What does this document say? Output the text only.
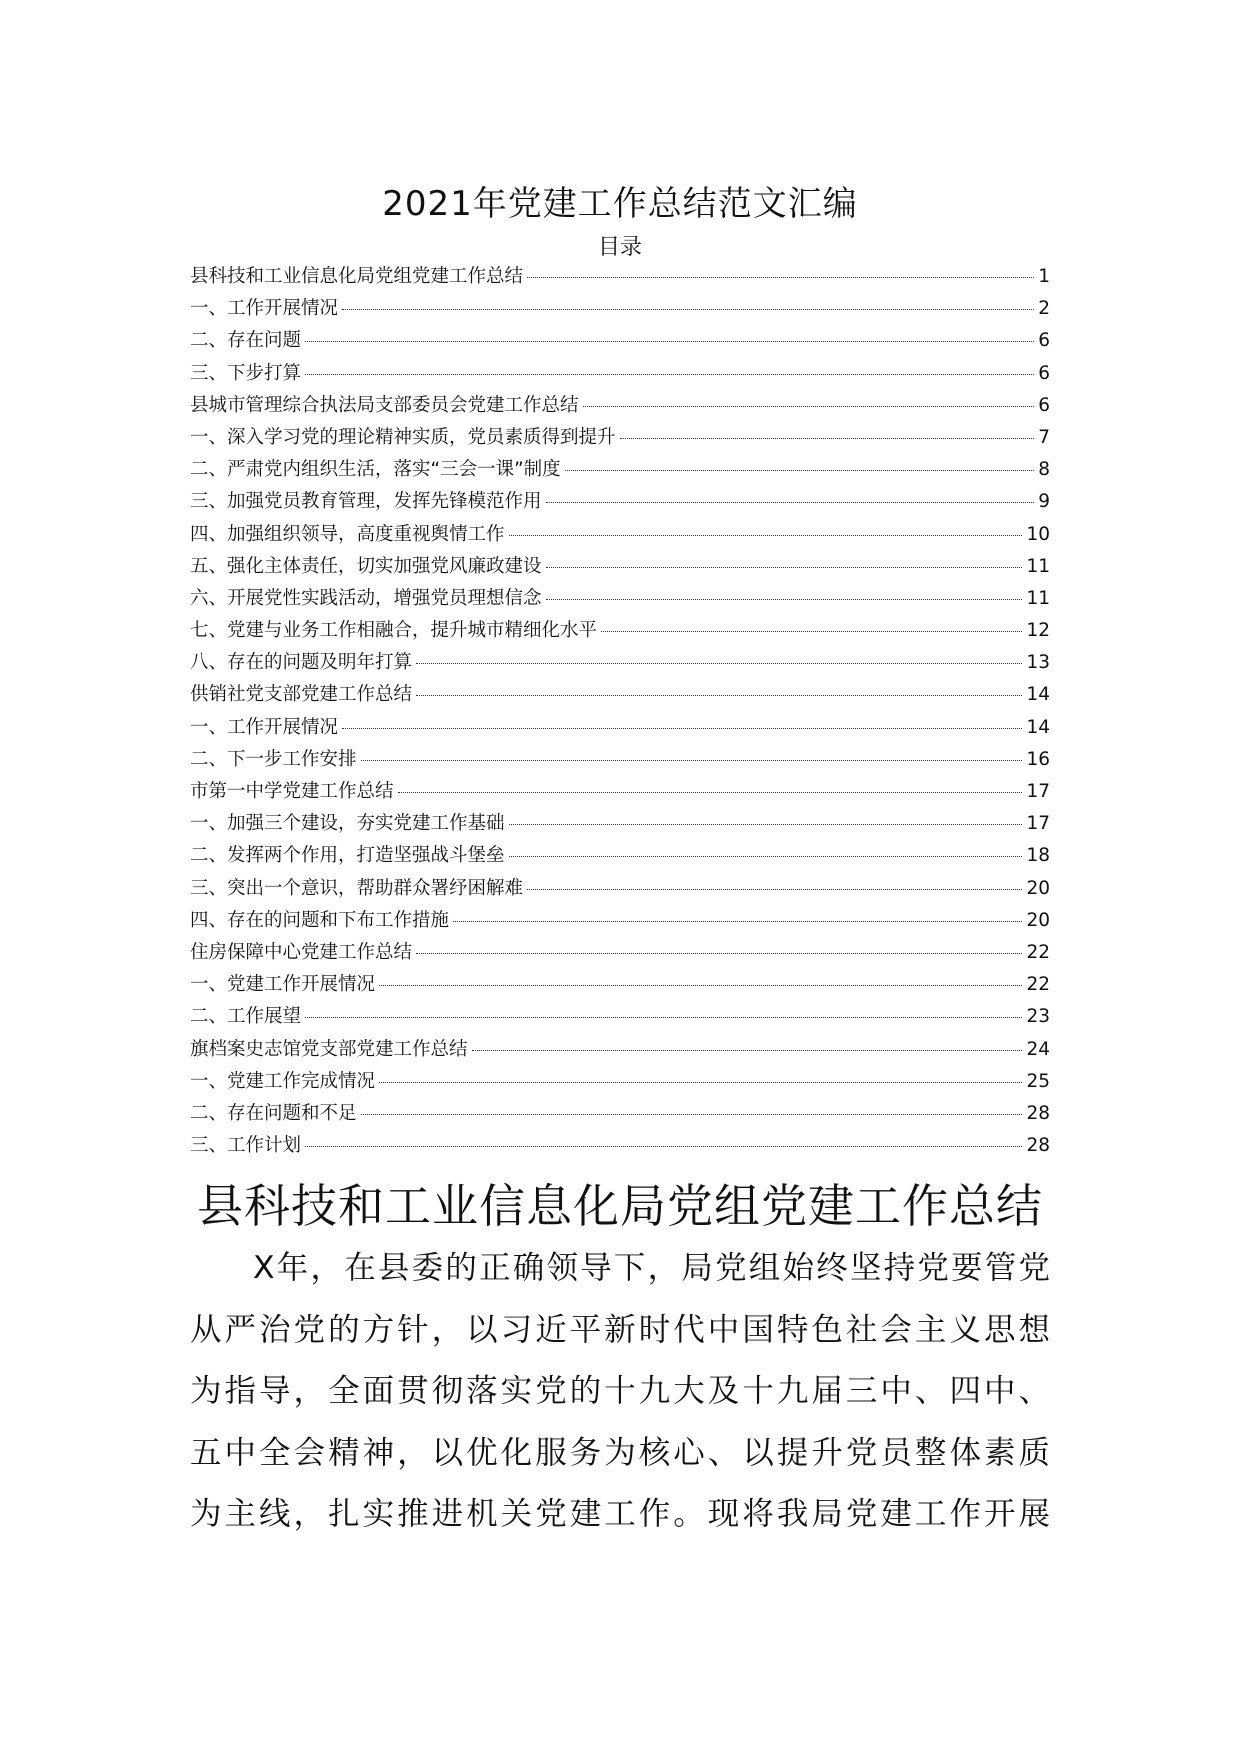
2021年党建工作总结范文汇编
目录
县科技和工业信息化局党组党建工作总结	1
一、工作开展情况	2
二、存在问题	6
三、下步打算	6
县城市管理综合执法局支部委员会党建工作总结	6
一、深入学习党的理论精神实质，党员素质得到提升	7
二、严肃党内组织生活，落实“三会一课”制度	8
三、加强党员教育管理，发挥先锋模范作用	9
四、加强组织领导，高度重视舆情工作	10
五、强化主体责任，切实加强党风廉政建设	11
六、开展党性实践活动，增强党员理想信念	11
七、党建与业务工作相融合，提升城市精细化水平	12
八、存在的问题及明年打算	13
供销社党支部党建工作总结	14
一、工作开展情况	14
二、下一步工作安排	16
市第一中学党建工作总结	17
一、加强三个建设，夯实党建工作基础	17
二、发挥两个作用，打造坚强战斗堡垒	18
三、突出一个意识，帮助群众署纾困解难	20
四、存在的问题和下布工作措施	20
住房保障中心党建工作总结	22
一、党建工作开展情况	22
二、工作展望	23
旗档案史志馆党支部党建工作总结	24
一、党建工作完成情况	25
二、存在问题和不足	28
三、工作计划	28
县科技和工业信息化局党组党建工作总结
X年，在县委的正确领导下，局党组始终坚持党要管党
从严治党的方针，以习近平新时代中国特色社会主义思想
为指导，全面贯彻落实党的十九大及十九届三中、四中、
五中全会精神，以优化服务为核心、以提升党员整体素质
为主线，扎实推进机关党建工作。现将我局党建工作开展
